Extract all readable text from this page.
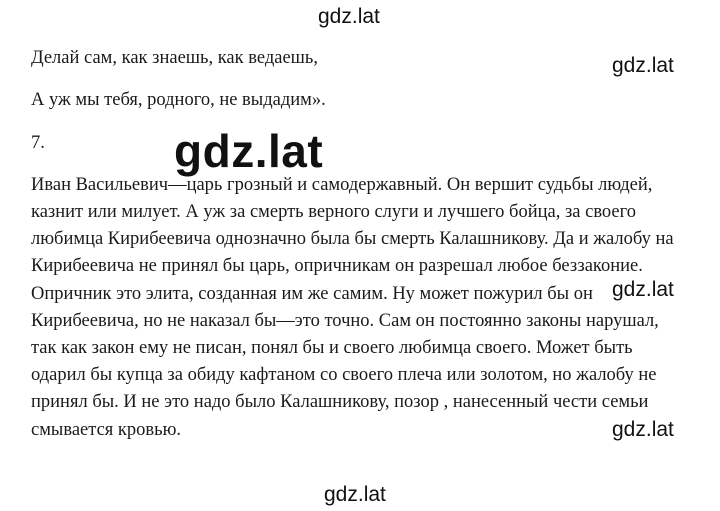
gdz.lat
Делай сам, как знаешь, как ведаешь,	gdz.lat
А уж мы тебя, родного, не выдадим».
7.	gdz.lat
Иван Васильевич—царь грозный и самодержавный. Он вершит судьбы людей,
казнит или милует. А уж за смерть верного слуги и лучшего бойца, за своего
любимца Кирибеевича однозначно была бы смерть Калашникову. Да и жалобу на
Кирибеевича не принял бы царь, опричникам он разрешал любое беззаконие.
Опричник это элита, созданная им же самим. Ну может пожурил бы он
Кирибеевича, но не наказал бы—это точно. Сам он постоянно законы нарушал,
так как закон ему не писан, понял бы и своего любимца своего. Может быть
одарил бы купца за обиду кафтаном со своего плеча или золотом, но жалобу не
принял бы. И не это надо было Калашникову, позор , нанесенный чести семьи
смывается кровью.
gdz.lat
gdz.lat
gdz.lat
